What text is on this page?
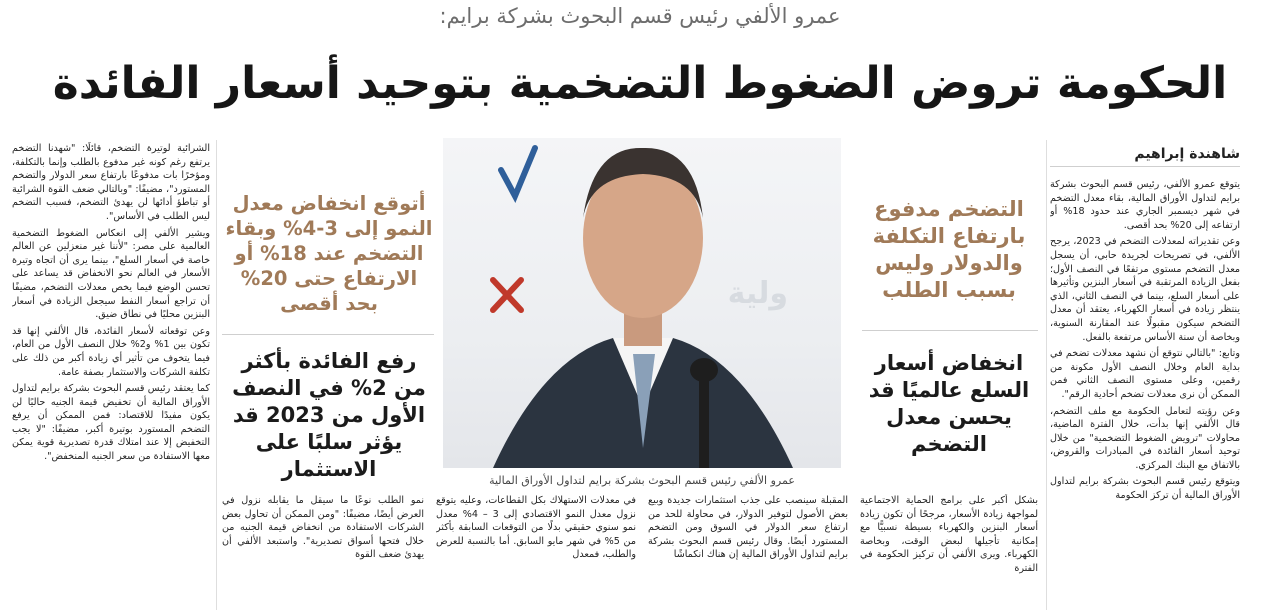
عمرو الألفي رئيس قسم البحوث بشركة برايم:
الحكومة تروض الضغوط التضخمية بتوحيد أسعار الفائدة
شاهندة إبراهيم

يتوقع عمرو الألفي، رئيس قسم البحوث بشركة برايم لتداول الأوراق المالية، بقاء معدل التضخم في شهر ديسمبر الجاري عند حدود 18% أو ارتفاعه إلى 20% بحد أقصى.

وعن تقديراته لمعدلات التضخم في 2023، يرجح الألفي، في تصريحات لجريدة حابي، أن يسجل معدل التضخم مستوى مرتفعًا في النصف الأول؛ بفعل الزيادة المرتقبة في أسعار البنزين وتأثيرها على أسعار السلع، بينما في النصف الثاني، الذي ينتظر زيادة في أسعار الكهرباء، يعتقد أن معدل التضخم سيكون مقبولًا عند المقارنة السنوية، وبخاصة أن سنة الأساس مرتفعة بالفعل.

وتابع: "بالتالي نتوقع أن نشهد معدلات تضخم في بداية العام وخلال النصف الأول مكونة من رقمين، وعلى مستوى النصف الثاني فمن الممكن أن نرى معدلات تضخم أحادية الرقم".

وعن رؤيته لتعامل الحكومة مع ملف التضخم، قال الألفي إنها بدأت، خلال الفترة الماضية، محاولات "ترويض الضغوط التضخمية" من خلال توحيد أسعار الفائدة في المبادرات والقروض، بالاتفاق مع البنك المركزي.

ويتوقع رئيس قسم البحوث بشركة برايم لتداول الأوراق المالية أن تركز الحكومة

التضخم مدفوع بارتفاع التكلفة والدولار وليس بسبب الطلب
انخفاض أسعار السلع عالميًا قد يحسن معدل التضخم
ولية
عمرو الألفي رئيس قسم البحوث بشركة برايم لتداول الأوراق المالية
أتوقع انخفاض معدل النمو إلى 3-4% وبقاء التضخم عند 18% أو الارتفاع حتى 20% بحد أقصى
رفع الفائدة بأكثر من 2% في النصف الأول من 2023 قد يؤثر سلبًا على الاستثمار

الشرائية لوتيرة التضخم، قائلًا: "شهدنا التضخم يرتفع رغم كونه غير مدفوع بالطلب وإنما بالتكلفة، ومؤخرًا بات مدفوعًا بارتفاع سعر الدولار والتضخم المستورد"، مضيفًا: "وبالتالي ضعف القوة الشرائية أو تباطؤ أدائها لن يهدئ التضخم، فسبب التضخم ليس الطلب في الأساس".

ويشير الألفي إلى انعكاس الضغوط التضخمية العالمية على مصر: "لأننا غير منعزلين عن العالم خاصة في أسعار السلع"، بينما يرى أن اتجاه وتيرة الأسعار في العالم نحو الانخفاض قد يساعد على تحسن الوضع فيما يخص معدلات التضخم، مضيفًا أن تراجع أسعار النفط سيجعل الزيادة في أسعار البنزين محليًا في نطاق ضيق.

وعن توقعاته لأسعار الفائدة، قال الألفي إنها قد تكون بين 1% و2% خلال النصف الأول من العام، فيما يتخوف من تأثير أي زيادة أكبر من ذلك على تكلفة الشركات والاستثمار بصفة عامة.

كما يعتقد رئيس قسم البحوث بشركة برايم لتداول الأوراق المالية أن تخفيض قيمة الجنيه حاليًا لن يكون مفيدًا للاقتصاد: فمن الممكن أن يرفع التضخم المستورد بوتيرة أكبر، مضيفًا: "لا يجب التخفيض إلا عند امتلاك قدرة تصديرية قوية يمكن معها الاستفادة من سعر الجنيه المنخفض".

بشكل أكبر على برامج الحماية الاجتماعية لمواجهة زيادة الأسعار، مرجحًا أن تكون زيادة أسعار البنزين والكهرباء بسيطة نسبيًّا مع إمكانية تأجيلها لبعض الوقت، وبخاصة الكهرباء. ويرى الألفي أن تركيز الحكومة في الفترة

المقبلة سينصب على جذب استثمارات جديدة وبيع بعض الأصول لتوفير الدولار، في محاولة للحد من ارتفاع سعر الدولار في السوق ومن التضخم المستورد أيضًا. وقال رئيس قسم البحوث بشركة برايم لتداول الأوراق المالية إن هناك انكماشًا

في معدلات الاستهلاك بكل القطاعات، وعليه يتوقع نزول معدل النمو الاقتصادي إلى 3 – 4% معدل نمو سنوي حقيقي بدلًا من التوقعات السابقة بأكثر من 5% في شهر مايو السابق. أما بالنسبة للعرض والطلب، فمعدل

نمو الطلب نوعًا ما سيقل ما يقابله نزول في العرض أيضًا، مضيفًا: "ومن الممكن أن تحاول بعض الشركات الاستفادة من انخفاض قيمة الجنيه من خلال فتحها أسواق تصديرية". واستبعد الألفي أن يهدئ ضعف القوة
